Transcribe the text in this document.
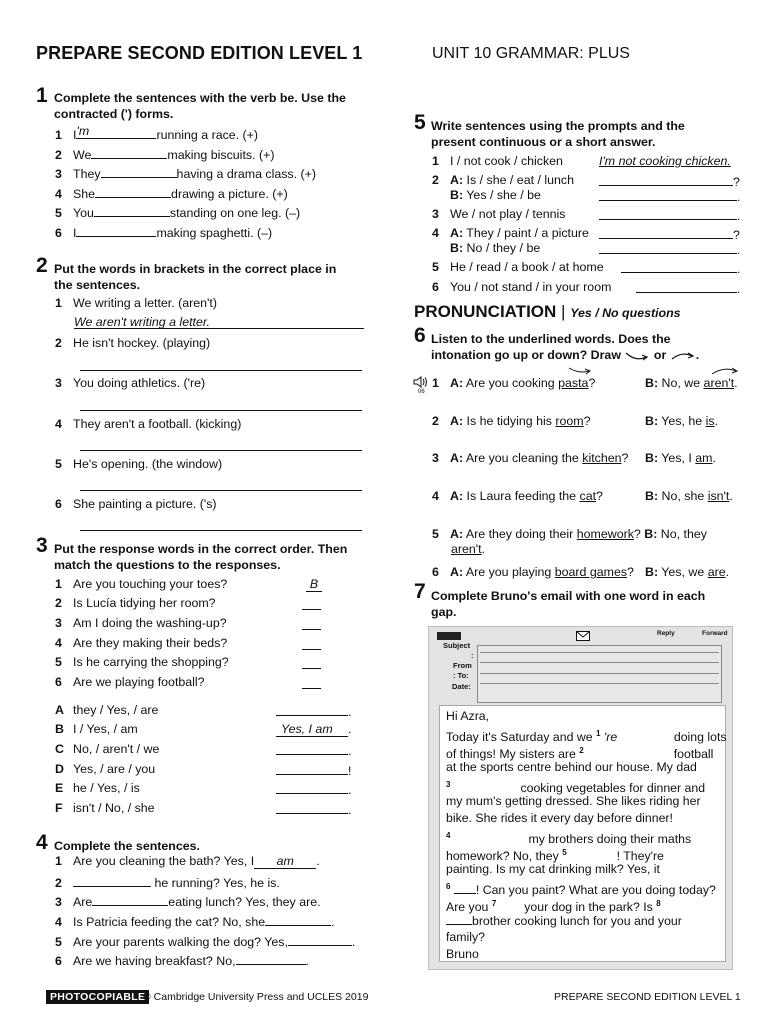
PREPARE SECOND EDITION LEVEL 1	UNIT 10 GRAMMAR: PLUS
1 Complete the sentences with the verb be. Use the
contracted (') forms.
1 I 'm	running a race. (+)
2 We	making biscuits. (+)
3 They	having a drama class. (+)
4 She	drawing a picture. (+)
5 You	standing on one leg. (–)
6 I	making spaghetti. (–)
2 Put the words in brackets in the correct place in
the sentences.
1 We writing a letter. (aren't)
We aren't writing a letter.
2 He isn't hockey. (playing)
3 You doing athletics. ('re)
4 They aren't a football. (kicking)
5 He's opening. (the window)
6 She painting a picture. ('s)
3 Put the response words in the correct order. Then
match the questions to the responses.
1 Are you touching your toes?	B
2 Is Lucía tidying her room?
3 Am I doing the washing-up?
4 Are they making their beds?
5 Is he carrying the shopping?
6 Are we playing football?
A they / Yes, / are	.
B I / Yes, / am	Yes, I am .
C No, / aren't / we	.
D Yes, / are / you	!
E he / Yes, / is	.
F isn't / No, / she	.
4 Complete the sentences.
1 Are you cleaning the bath? Yes, I am .
2	he running? Yes, he is.
3 Are	eating lunch? Yes, they are.
4 Is Patricia feeding the cat? No, she	.
5 Are your parents walking the dog? Yes,	.
6 Are we having breakfast? No,	.
5 Write sentences using the prompts and the
present continuous or a short answer.
1 I / not cook / chicken	I'm not cooking chicken.
2 A: Is / she / eat / lunch
B: Yes / she / be
?
.
3 We / not play / tennis	.
4 A: They / paint / a picture
B: No / they / be
?
.
5 He / read / a book / at home	.
6 You / not stand / in your room	.
PRONUNCIATION | Yes / No questions
6 Listen to the underlined words. Does the
intonation go up or down? Draw	or .
06
1 A: Are you cooking pasta?	B: No, we aren't.
2 A: Is he tidying his room?	B: Yes, he is.
3 A: Are you cleaning the kitchen? B: Yes, I am.
4 A: Is Laura feeding the cat?	B: No, she isn't.
5 A: Are they doing their homework? B: No, they
aren't.
6 A: Are you playing board games? B: Yes, we are.
7 Complete Bruno's email with one word in each
gap.
Reply	Forward
Subject
:
From
: To:
Date:
Hi Azra,
Today it's Saturday and we $^1$ 're	doing lots
of things! My sisters are $^2$	football
at the sports centre behind our house. My dad
$^3$	cooking vegetables for dinner and
my mum's getting dressed. She likes riding her
bike. She rides it every day before dinner!
$^4$	my brothers doing their maths
homework? No, they $^5$	! They're
painting. Is my cat drinking milk? Yes, it
$^6$ ! Can you paint? What are you doing today?
Are you $^7$ your dog in the park? Is $^8$
brother cooking lunch for you and your
family?
Bruno
PHOTOCOPIABLE
© Cambridge University Press and UCLES 2019	PREPARE SECOND EDITION LEVEL 1
